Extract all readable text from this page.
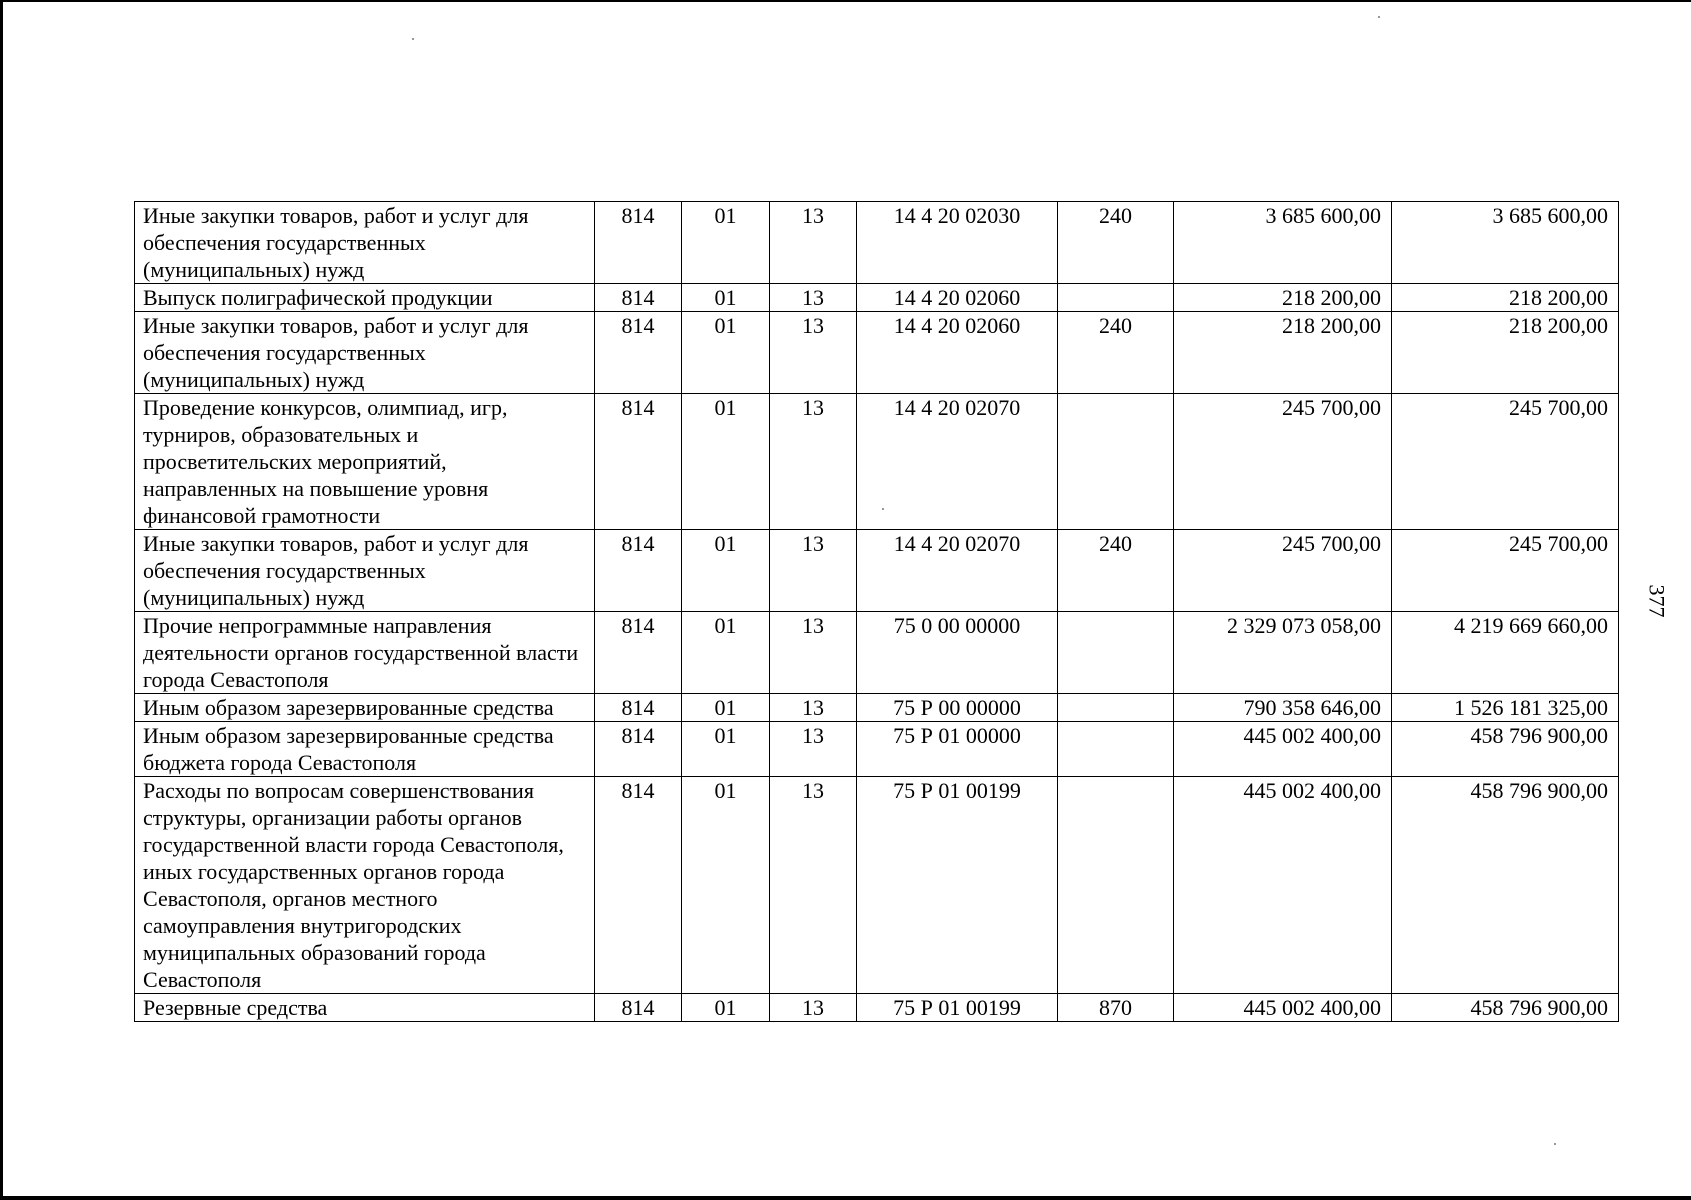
377
Иные закупки товаров, работ и услуг для обеспечения государственных (муниципальных) нужд	814	01	13	14 4 20 02030	240	3 685 600,00	3 685 600,00
Выпуск полиграфической продукции	814	01	13	14 4 20 02060		218 200,00	218 200,00
Иные закупки товаров, работ и услуг для обеспечения государственных (муниципальных) нужд	814	01	13	14 4 20 02060	240	218 200,00	218 200,00
Проведение конкурсов, олимпиад, игр, турниров, образовательных и просветительских мероприятий, направленных на повышение уровня финансовой грамотности	814	01	13	14 4 20 02070		245 700,00	245 700,00
Иные закупки товаров, работ и услуг для обеспечения государственных (муниципальных) нужд	814	01	13	14 4 20 02070	240	245 700,00	245 700,00
Прочие непрограммные направления деятельности органов государственной власти города Севастополя	814	01	13	75 0 00 00000		2 329 073 058,00	4 219 669 660,00
Иным образом зарезервированные средства	814	01	13	75 Р 00 00000		790 358 646,00	1 526 181 325,00
Иным образом зарезервированные средства бюджета города Севастополя	814	01	13	75 Р 01 00000		445 002 400,00	458 796 900,00
Расходы по вопросам совершенствования структуры, организации работы органов государственной власти города Севастополя, иных государственных органов города Севастополя, органов местного самоуправления внутригородских муниципальных образований города Севастополя	814	01	13	75 Р 01 00199		445 002 400,00	458 796 900,00
Резервные средства	814	01	13	75 Р 01 00199	870	445 002 400,00	458 796 900,00
